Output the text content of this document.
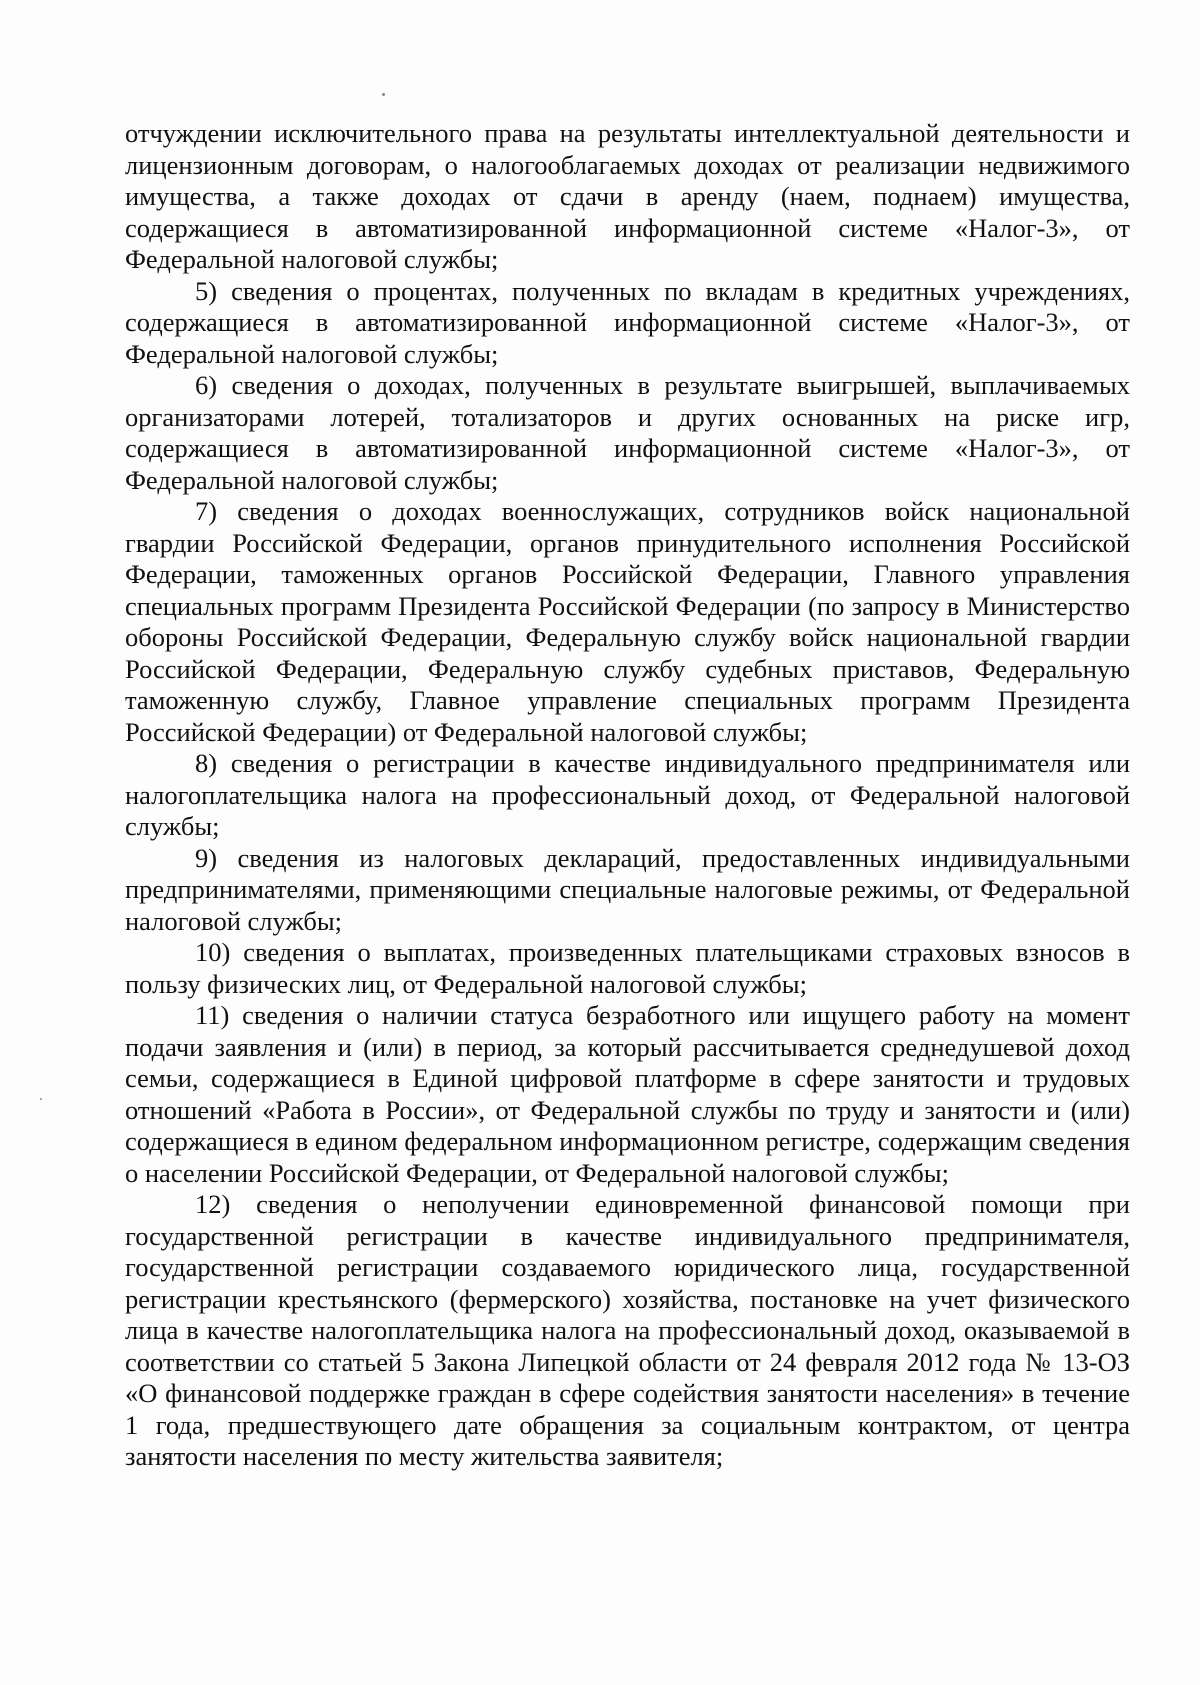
отчуждении исключительного права на результаты интеллектуальной деятельности и лицензионным договорам, о налогооблагаемых доходах от реализации недвижимого имущества, а также доходах от сдачи в аренду (наем, поднаем) имущества, содержащиеся в автоматизированной информационной системе «Налог-3», от Федеральной налоговой службы;

5) сведения о процентах, полученных по вкладам в кредитных учреждениях, содержащиеся в автоматизированной информационной системе «Налог-3», от Федеральной налоговой службы;

6) сведения о доходах, полученных в результате выигрышей, выплачиваемых организаторами лотерей, тотализаторов и других основанных на риске игр, содержащиеся в автоматизированной информационной системе «Налог-3», от Федеральной налоговой службы;

7) сведения о доходах военнослужащих, сотрудников войск национальной гвардии Российской Федерации, органов принудительного исполнения Российской Федерации, таможенных органов Российской Федерации, Главного управления специальных программ Президента Российской Федерации (по запросу в Министерство обороны Российской Федерации, Федеральную службу войск национальной гвардии Российской Федерации, Федеральную службу судебных приставов, Федеральную таможенную службу, Главное управление специальных программ Президента Российской Федерации) от Федеральной налоговой службы;

8) сведения о регистрации в качестве индивидуального предпринимателя или налогоплательщика налога на профессиональный доход, от Федеральной налоговой службы;

9) сведения из налоговых деклараций, предоставленных индивидуальными предпринимателями, применяющими специальные налоговые режимы, от Федеральной налоговой службы;

10) сведения о выплатах, произведенных плательщиками страховых взносов в пользу физических лиц, от Федеральной налоговой службы;

11) сведения о наличии статуса безработного или ищущего работу на момент подачи заявления и (или) в период, за который рассчитывается среднедушевой доход семьи, содержащиеся в Единой цифровой платформе в сфере занятости и трудовых отношений «Работа в России», от Федеральной службы по труду и занятости и (или) содержащиеся в едином федеральном информационном регистре, содержащим сведения о населении Российской Федерации, от Федеральной налоговой службы;

12) сведения о неполучении единовременной финансовой помощи при государственной регистрации в качестве индивидуального предпринимателя, государственной регистрации создаваемого юридического лица, государственной регистрации крестьянского (фермерского) хозяйства, постановке на учет физического лица в качестве налогоплательщика налога на профессиональный доход, оказываемой в соответствии со статьей 5 Закона Липецкой области от 24 февраля 2012 года № 13-ОЗ «О финансовой поддержке граждан в сфере содействия занятости населения» в течение 1 года, предшествующего дате обращения за социальным контрактом, от центра занятости населения по месту жительства заявителя;
